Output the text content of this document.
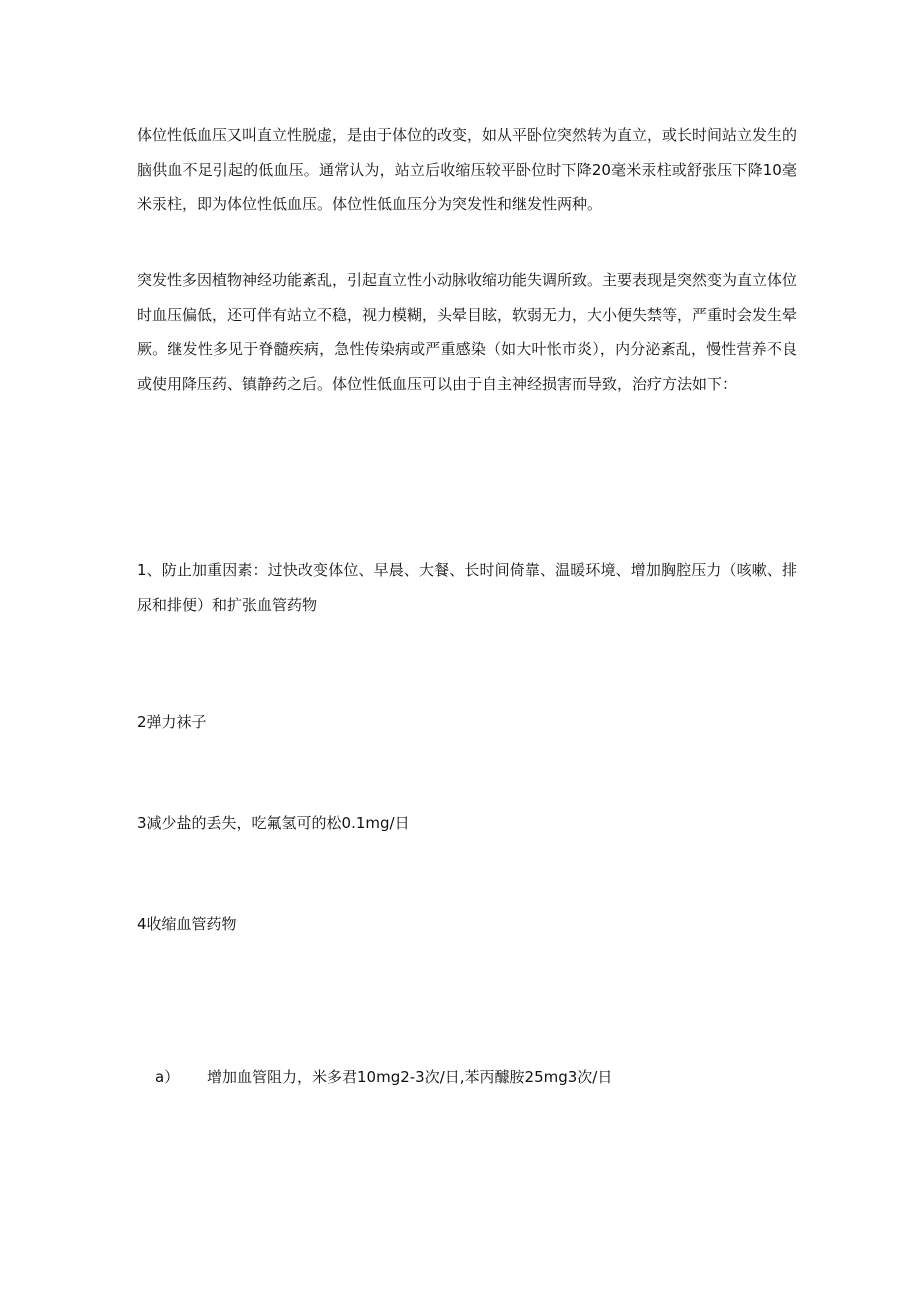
体位性低血压又叫直立性脱虚，是由于体位的改变，如从平卧位突然转为直立，或长时间站立发生的脑供血不足引起的低血压。通常认为，站立后收缩压较平卧位时下降20毫米汞柱或舒张压下降10毫米汞柱，即为体位性低血压。体位性低血压分为突发性和继发性两种。

突发性多因植物神经功能紊乱，引起直立性小动脉收缩功能失调所致。主要表现是突然变为直立体位时血压偏低，还可伴有站立不稳，视力模糊，头晕目眩，软弱无力，大小便失禁等，严重时会发生晕厥。继发性多见于脊髓疾病，急性传染病或严重感染（如大叶怅市炎），内分泌紊乱，慢性营养不良或使用降压药、镇静药之后。体位性低血压可以由于自主神经损害而导致，治疗方法如下：

1、防止加重因素：过快改变体位、早晨、大餐、长时间倚靠、温暖环境、增加胸腔压力（咳嗽、排尿和排便）和扩张血管药物

2弹力袜子

3减少盐的丢失，吃氟氢可的松0.1mg/日

4收缩血管药物

a） 增加血管阻力，米多君10mg2-3次/日,苯丙醵胺25mg3次/日
